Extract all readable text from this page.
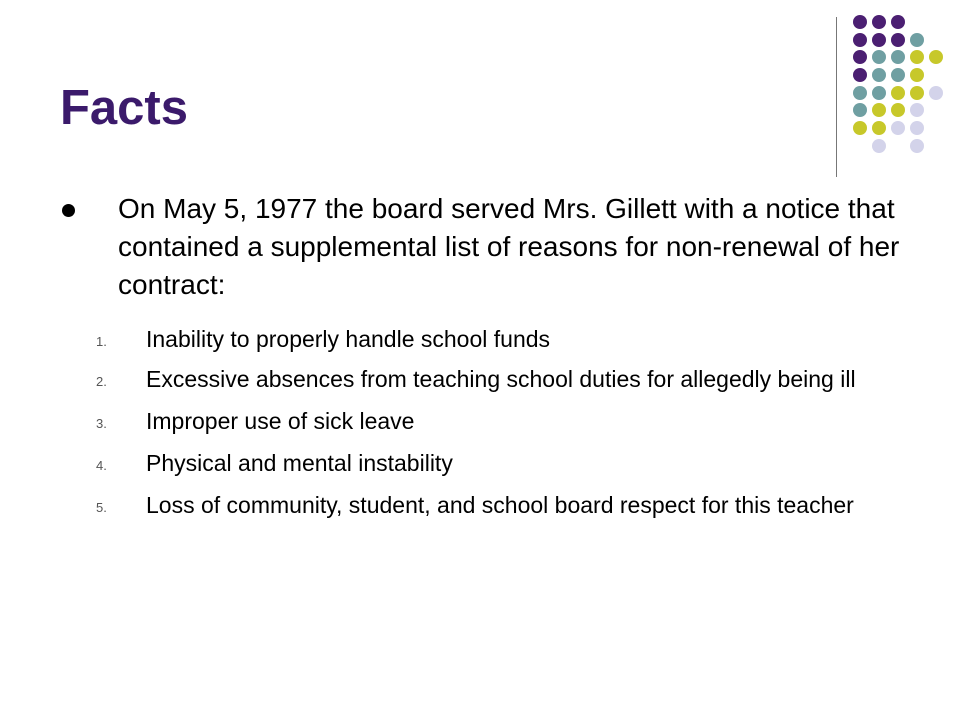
Facts
On May 5, 1977 the board served Mrs. Gillett with a notice that contained a supplemental list of reasons for non-renewal of her contract:
1. Inability to properly handle school funds
2. Excessive absences from teaching school duties for allegedly being ill
3. Improper use of sick leave
4. Physical and mental instability
5. Loss of community, student, and school board respect for this teacher
